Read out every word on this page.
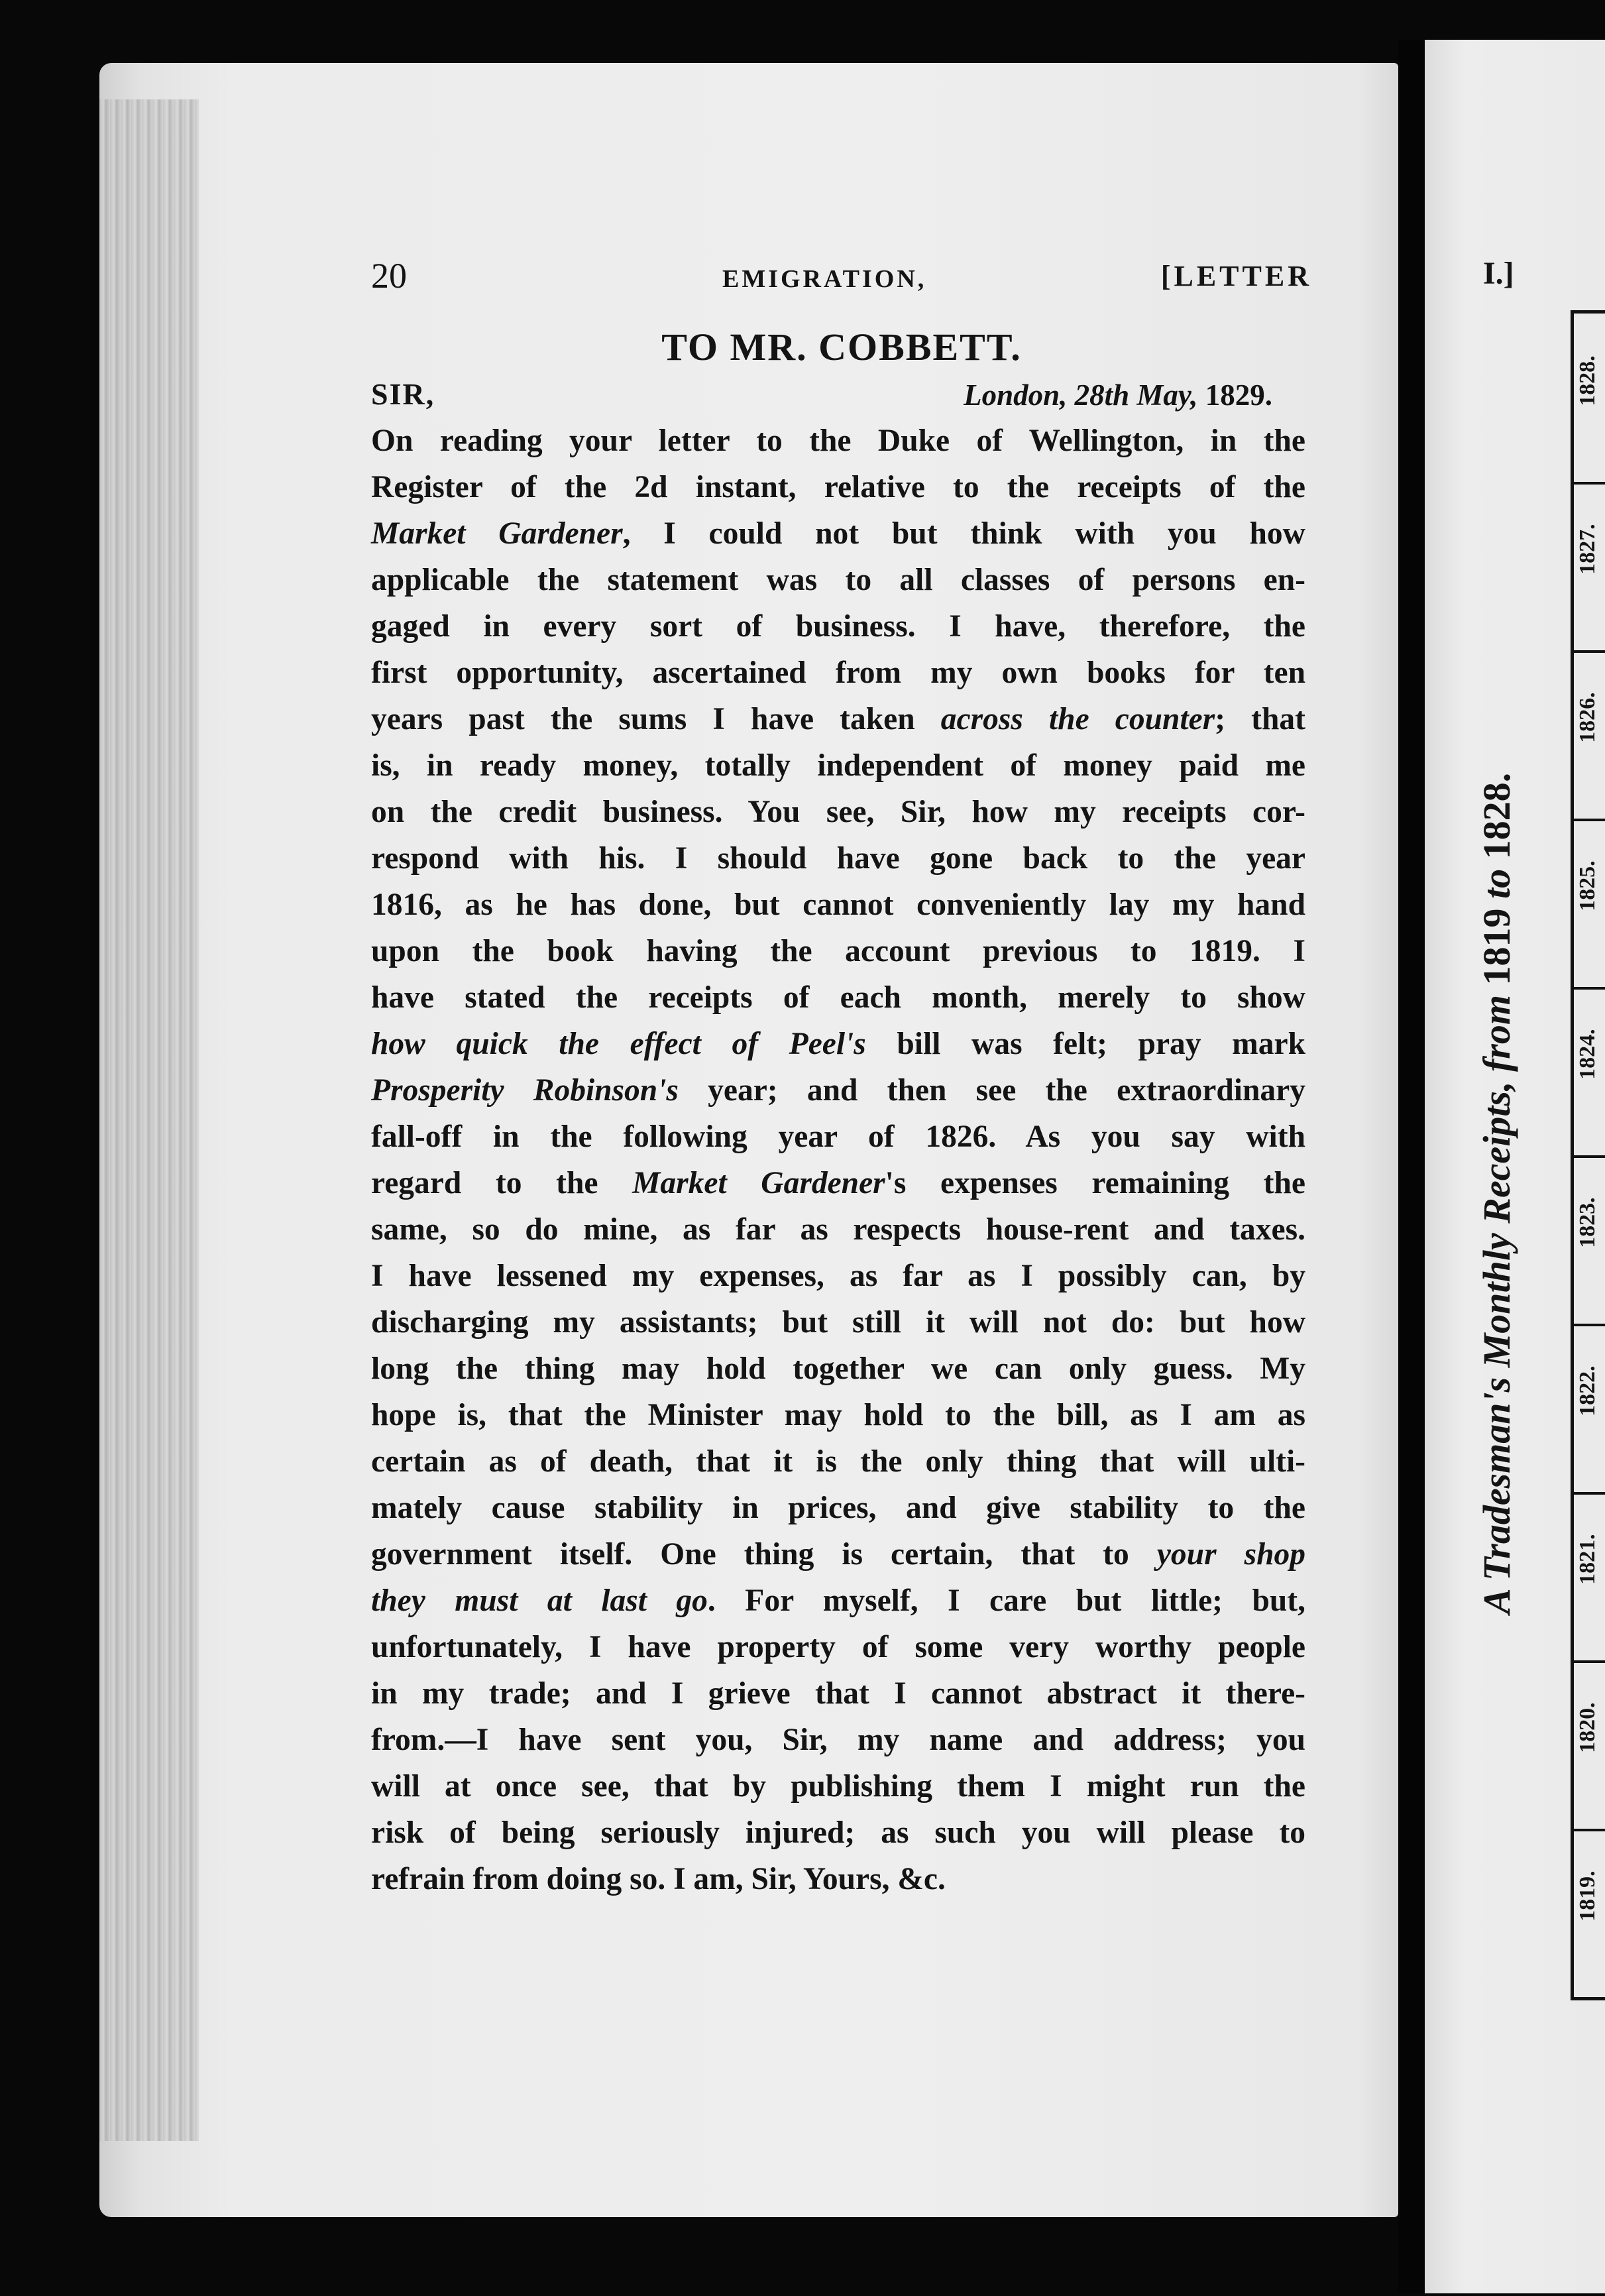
20	EMIGRATION,	[LETTER
TO MR. COBBETT.
SIR,	London, 28th May, 1829.
On reading your letter to the Duke of Wellington, in the
Register of the 2d instant, relative to the receipts of the
Market Gardener, I could not but think with you how
applicable the statement was to all classes of persons en-
gaged in every sort of business. I have, therefore, the
first opportunity, ascertained from my own books for ten
years past the sums I have taken across the counter; that
is, in ready money, totally independent of money paid me
on the credit business. You see, Sir, how my receipts cor-
respond with his. I should have gone back to the year
1816, as he has done, but cannot conveniently lay my hand
upon the book having the account previous to 1819. I
have stated the receipts of each month, merely to show
how quick the effect of Peel's bill was felt; pray mark
Prosperity Robinson's year; and then see the extraordinary
fall-off in the following year of 1826. As you say with
regard to the Market Gardener's expenses remaining the
same, so do mine, as far as respects house-rent and taxes.
I have lessened my expenses, as far as I possibly can, by
discharging my assistants; but still it will not do: but how
long the thing may hold together we can only guess. My
hope is, that the Minister may hold to the bill, as I am as
certain as of death, that it is the only thing that will ulti-
mately cause stability in prices, and give stability to the
government itself. One thing is certain, that to your shop
they must at last go. For myself, I care but little; but,
unfortunately, I have property of some very worthy people
in my trade; and I grieve that I cannot abstract it there-
from.—I have sent you, Sir, my name and address; you
will at once see, that by publishing them I might run the
risk of being seriously injured; as such you will please to
refrain from doing so. I am, Sir, Yours, &c.
I.]
A Tradesman's Monthly Receipts, from 1819 to 1828.
1828.
1827.
1826.
1825.
1824.
1823.
1822.
1821.
1820.
1819.
